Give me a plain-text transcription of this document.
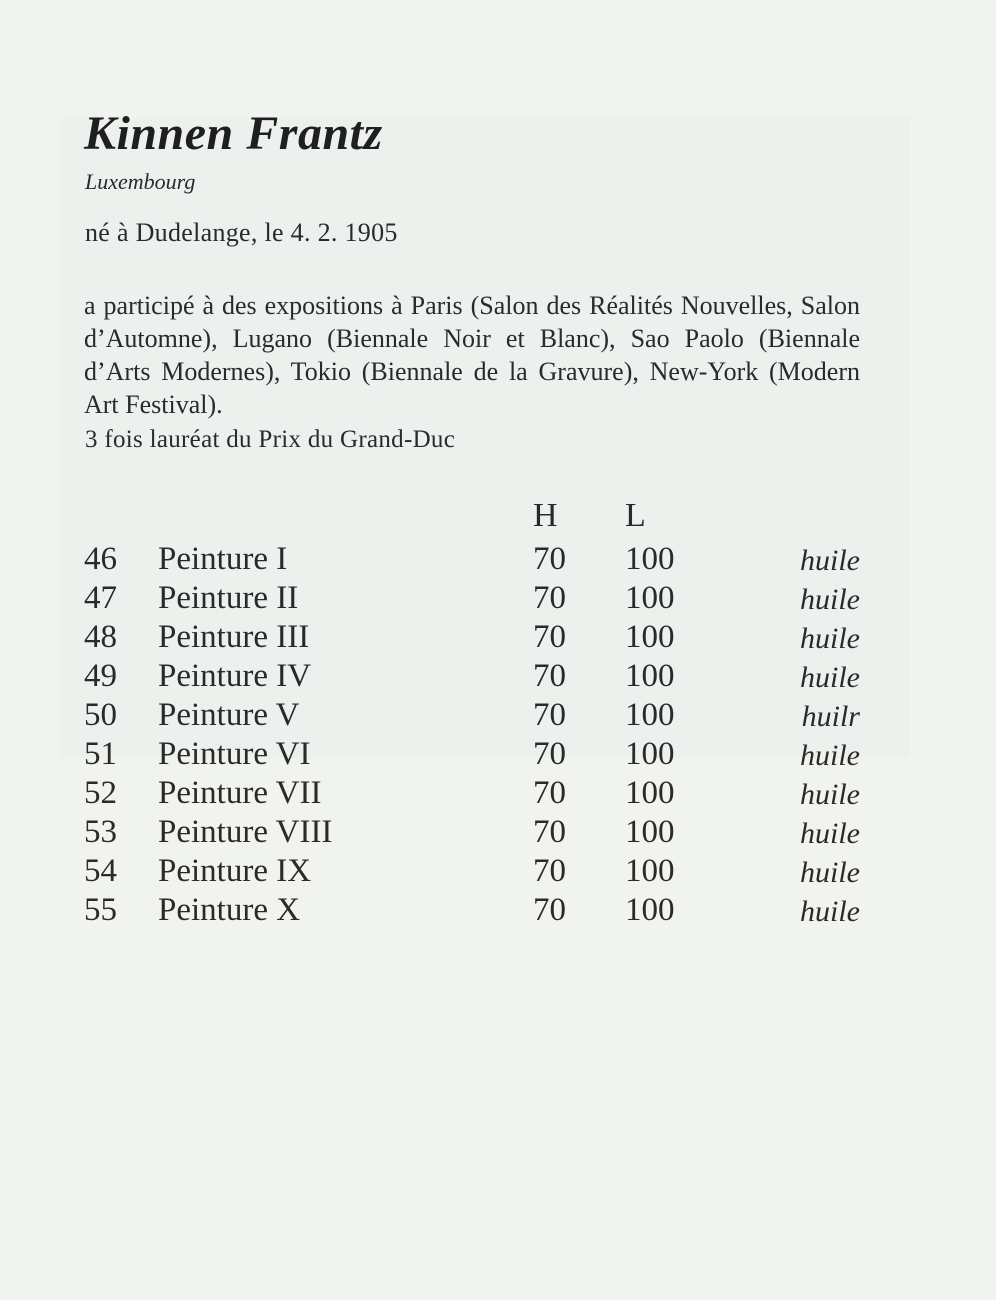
Kinnen Frantz
Luxembourg
né à Dudelange, le 4. 2. 1905
a participé à des expositions à Paris (Salon des Réalités Nouvelles, Salon d’Automne), Lugano (Biennale Noir et Blanc), Sao Paolo (Biennale d’Arts Modernes), Tokio (Biennale de la Gravure), New-York (Modern Art Festival).
3 fois lauréat du Prix du Grand-Duc
H L
46 Peinture I	70 100	huile
47 Peinture II	70 100	huile
48 Peinture III	70 100	huile
49 Peinture IV	70 100	huile
50 Peinture V	70 100	huilr
51 Peinture VI	70 100	huile
52 Peinture VII	70 100	huile
53 Peinture VIII	70 100	huile
54 Peinture IX	70 100	huile
55 Peinture X	70 100	huile
